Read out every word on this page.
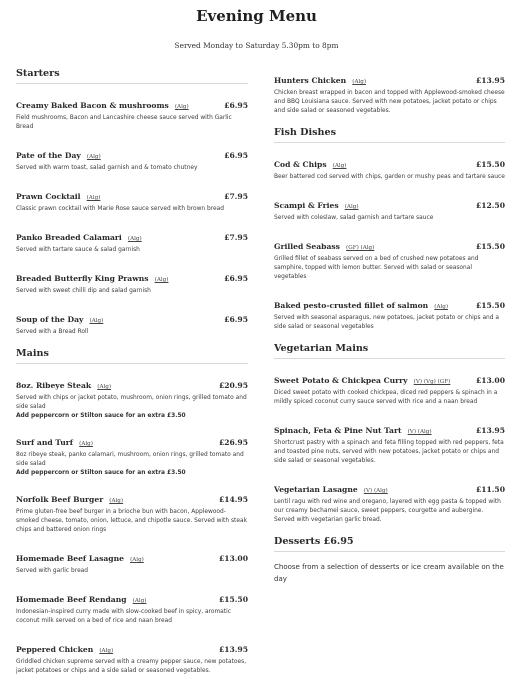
Evening Menu
Served Monday to Saturday 5.30pm to 8pm
Starters
Creamy Baked Bacon & mushrooms (Alg)	£6.95
Field mushrooms, Bacon and Lancashire cheese sauce served with Garlic Bread
Pate of the Day (Alg)	£6.95
Served with warm toast, salad garnish and & tomato chutney
Prawn Cocktail (Alg)	£7.95
Classic prawn cocktail with Marie Rose sauce served with brown bread
Panko Breaded Calamari (Alg)	£7.95
Served with tartare sauce & salad garnish
Breaded Butterfly King Prawns (Alg)	£6.95
Served with sweet chilli dip and salad garnish
Soup of the Day (Alg)	£6.95
Served with a Bread Roll
Mains
8oz. Ribeye Steak (Alg)	£20.95
Served with chips or jacket potato, mushroom, onion rings, grilled tomato and side salad
Add peppercorn or Stilton sauce for an extra £3.50
Surf and Turf (Alg)	£26.95
8oz ribeye steak, panko calamari, mushroom, onion rings, grilled tomato and side salad
Add peppercorn or Stilton sauce for an extra £3.50
Norfolk Beef Burger (Alg)	£14.95
Prime gluten-free beef burger in a brioche bun with bacon, Applewood-smoked cheese, tomato, onion, lettuce, and chipotle sauce. Served with steak chips and battered onion rings
Homemade Beef Lasagne (Alg)	£13.00
Served with garlic bread
Homemade Beef Rendang (Alg)	£15.50
Indonesian-inspired curry made with slow-cooked beef in spicy, aromatic coconut milk served on a bed of rice and naan bread
Peppered Chicken (Alg)	£13.95
Griddled chicken supreme served with a creamy pepper sauce, new potatoes, jacket potatoes or chips and a side salad or seasoned vegetables.
Hunters Chicken (Alg)	£13.95
Chicken breast wrapped in bacon and topped with Applewood-smoked cheese and BBQ Louisiana sauce. Served with new potatoes, jacket potato or chips and side salad or seasoned vegetables.
Fish Dishes
Cod & Chips (Alg)	£15.50
Beer battered cod served with chips, garden or mushy peas and tartare sauce
Scampi & Fries (Alg)	£12.50
Served with coleslaw, salad garnish and tartare sauce
Grilled Seabass (GF) (Alg)	£15.50
Grilled fillet of seabass served on a bed of crushed new potatoes and samphire, topped with lemon butter. Served with salad or seasonal vegetables
Baked pesto-crusted fillet of salmon (Alg)	£15.50
Served with seasonal asparagus, new potatoes, jacket potato or chips and a side salad or seasonal vegetables
Vegetarian Mains
Sweet Potato & Chickpea Curry (V) (Vg) (GF)	£13.00
Diced sweet potato with cooked chickpea, diced red peppers & spinach in a mildly spiced coconut curry sauce served with rice and a naan bread
Spinach, Feta & Pine Nut Tart (V) (Alg)	£13.95
Shortcrust pastry with a spinach and feta filling topped with red peppers, feta and toasted pine nuts, served with new potatoes, jacket potato or chips and side salad or seasonal vegetables.
Vegetarian Lasagne (V) (Alg)	£11.50
Lentil ragu with red wine and oregano, layered with egg pasta & topped with our creamy bechamel sauce, sweet peppers, courgette and aubergine. Served with vegetarian garlic bread.
Desserts £6.95
Choose from a selection of desserts or ice cream available on the day
